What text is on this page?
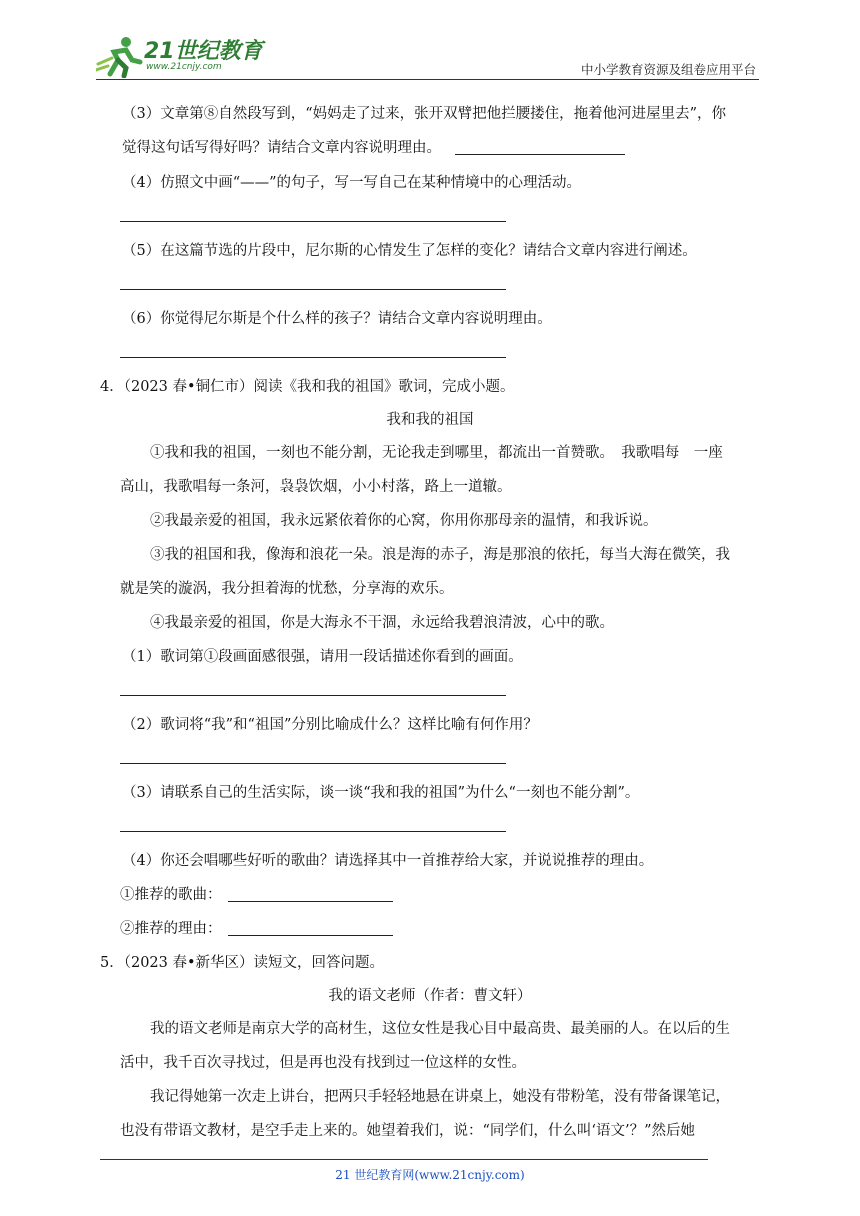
21世纪教育
www.21cnjy.com	中小学教育资源及组卷应用平台
（3）文章第⑧自然段写到，“妈妈走了过来，张开双臂把他拦腰搂住，拖着他河进屋里去”，你
觉得这句话写得好吗？请结合文章内容说明理由。
（4）仿照文中画“——”的句子，写一写自己在某种情境中的心理活动。
（5）在这篇节选的片段中，尼尔斯的心情发生了怎样的变化？请结合文章内容进行阐述。
（6）你觉得尼尔斯是个什么样的孩子？请结合文章内容说明理由。
4．（2023 春•铜仁市）阅读《我和我的祖国》歌词，完成小题。
我和我的祖国
①我和我的祖国，一刻也不能分割，无论我走到哪里，都流出一首赞歌。　我歌唱每　一座
高山，我歌唱每一条河，袅袅饮烟，小小村落，路上一道辙。
②我最亲爱的祖国，我永远紧依着你的心窝，你用你那母亲的温情，和我诉说。
③我的祖国和我，像海和浪花一朵。浪是海的赤子，海是那浪的依托，每当大海在微笑，我
就是笑的漩涡，我分担着海的忧愁，分享海的欢乐。
④我最亲爱的祖国，你是大海永不干涸，永远给我碧浪清波，心中的歌。
（1）歌词第①段画面感很强，请用一段话描述你看到的画面。
（2）歌词将“我”和“祖国”分别比喻成什么？这样比喻有何作用？
（3）请联系自己的生活实际，谈一谈“我和我的祖国”为什么“一刻也不能分割”。
（4）你还会唱哪些好听的歌曲？请选择其中一首推荐给大家，并说说推荐的理由。
①推荐的歌曲：
②推荐的理由：
5．（2023 春•新华区）读短文，回答问题。
我的语文老师（作者：曹文轩）
我的语文老师是南京大学的高材生，这位女性是我心目中最高贵、最美丽的人。在以后的生
活中，我千百次寻找过，但是再也没有找到过一位这样的女性。
我记得她第一次走上讲台，把两只手轻轻地悬在讲桌上，她没有带粉笔，没有带备课笔记，
也没有带语文教材，是空手走上来的。她望着我们，说：“同学们，什么叫‘语文’？”然后她
21 世纪教育网(www.21cnjy.com)
